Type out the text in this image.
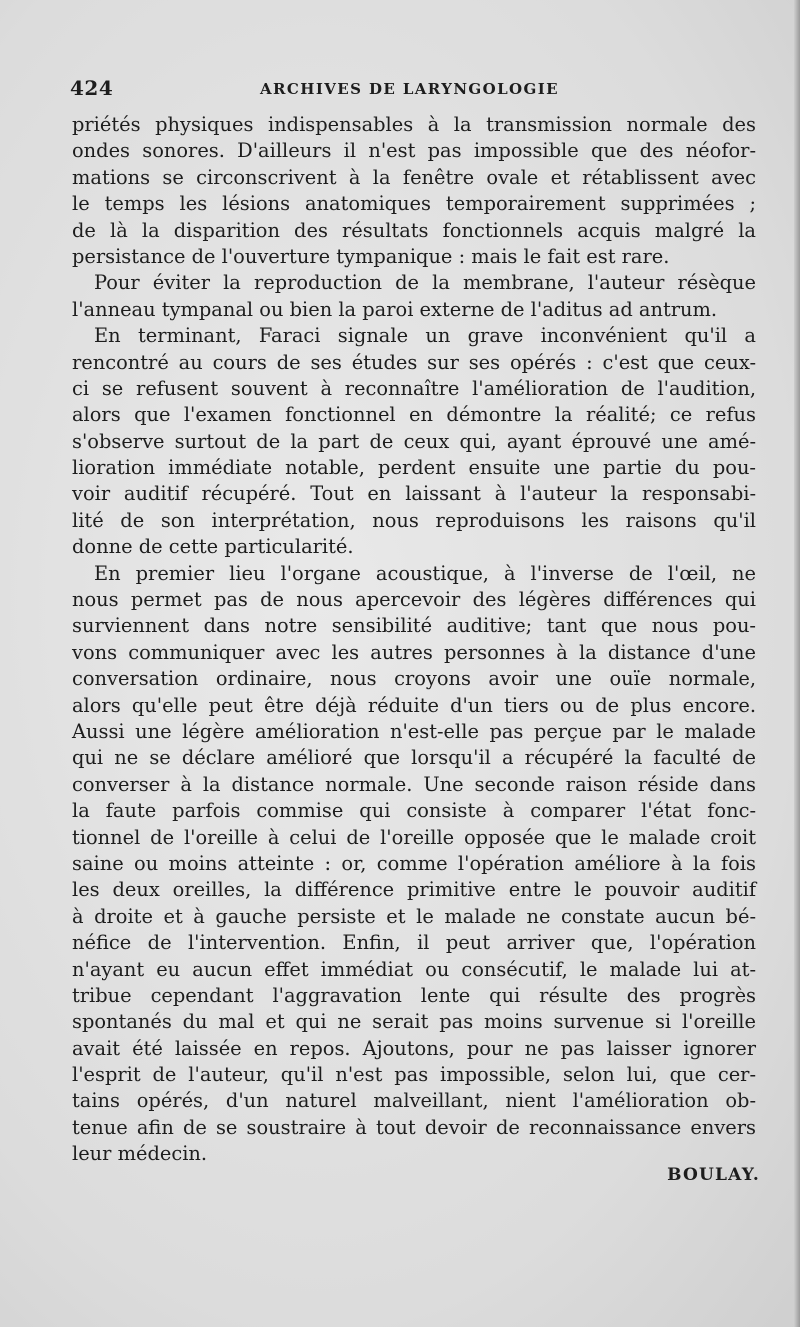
424	ARCHIVES DE LARYNGOLOGIE
priétés physiques indispensables à la transmission normale des
ondes sonores. D'ailleurs il n'est pas impossible que des néofor-
mations se circonscrivent à la fenêtre ovale et rétablissent avec
le temps les lésions anatomiques temporairement supprimées ;
de là la disparition des résultats fonctionnels acquis malgré la
persistance de l'ouverture tympanique : mais le fait est rare.
Pour éviter la reproduction de la membrane, l'auteur résèque
l'anneau tympanal ou bien la paroi externe de l'aditus ad antrum.
En terminant, Faraci signale un grave inconvénient qu'il a
rencontré au cours de ses études sur ses opérés : c'est que ceux-
ci se refusent souvent à reconnaître l'amélioration de l'audition,
alors que l'examen fonctionnel en démontre la réalité; ce refus
s'observe surtout de la part de ceux qui, ayant éprouvé une amé-
lioration immédiate notable, perdent ensuite une partie du pou-
voir auditif récupéré. Tout en laissant à l'auteur la responsabi-
lité de son interprétation, nous reproduisons les raisons qu'il
donne de cette particularité.
En premier lieu l'organe acoustique, à l'inverse de l'œil, ne
nous permet pas de nous apercevoir des légères différences qui
surviennent dans notre sensibilité auditive; tant que nous pou-
vons communiquer avec les autres personnes à la distance d'une
conversation ordinaire, nous croyons avoir une ouïe normale,
alors qu'elle peut être déjà réduite d'un tiers ou de plus encore.
Aussi une légère amélioration n'est-elle pas perçue par le malade
qui ne se déclare amélioré que lorsqu'il a récupéré la faculté de
converser à la distance normale. Une seconde raison réside dans
la faute parfois commise qui consiste à comparer l'état fonc-
tionnel de l'oreille à celui de l'oreille opposée que le malade croit
saine ou moins atteinte : or, comme l'opération améliore à la fois
les deux oreilles, la différence primitive entre le pouvoir auditif
à droite et à gauche persiste et le malade ne constate aucun bé-
néfice de l'intervention. Enfin, il peut arriver que, l'opération
n'ayant eu aucun effet immédiat ou consécutif, le malade lui at-
tribue cependant l'aggravation lente qui résulte des progrès
spontanés du mal et qui ne serait pas moins survenue si l'oreille
avait été laissée en repos. Ajoutons, pour ne pas laisser ignorer
l'esprit de l'auteur, qu'il n'est pas impossible, selon lui, que cer-
tains opérés, d'un naturel malveillant, nient l'amélioration ob-
tenue afin de se soustraire à tout devoir de reconnaissance envers
leur médecin.
BOULAY.
